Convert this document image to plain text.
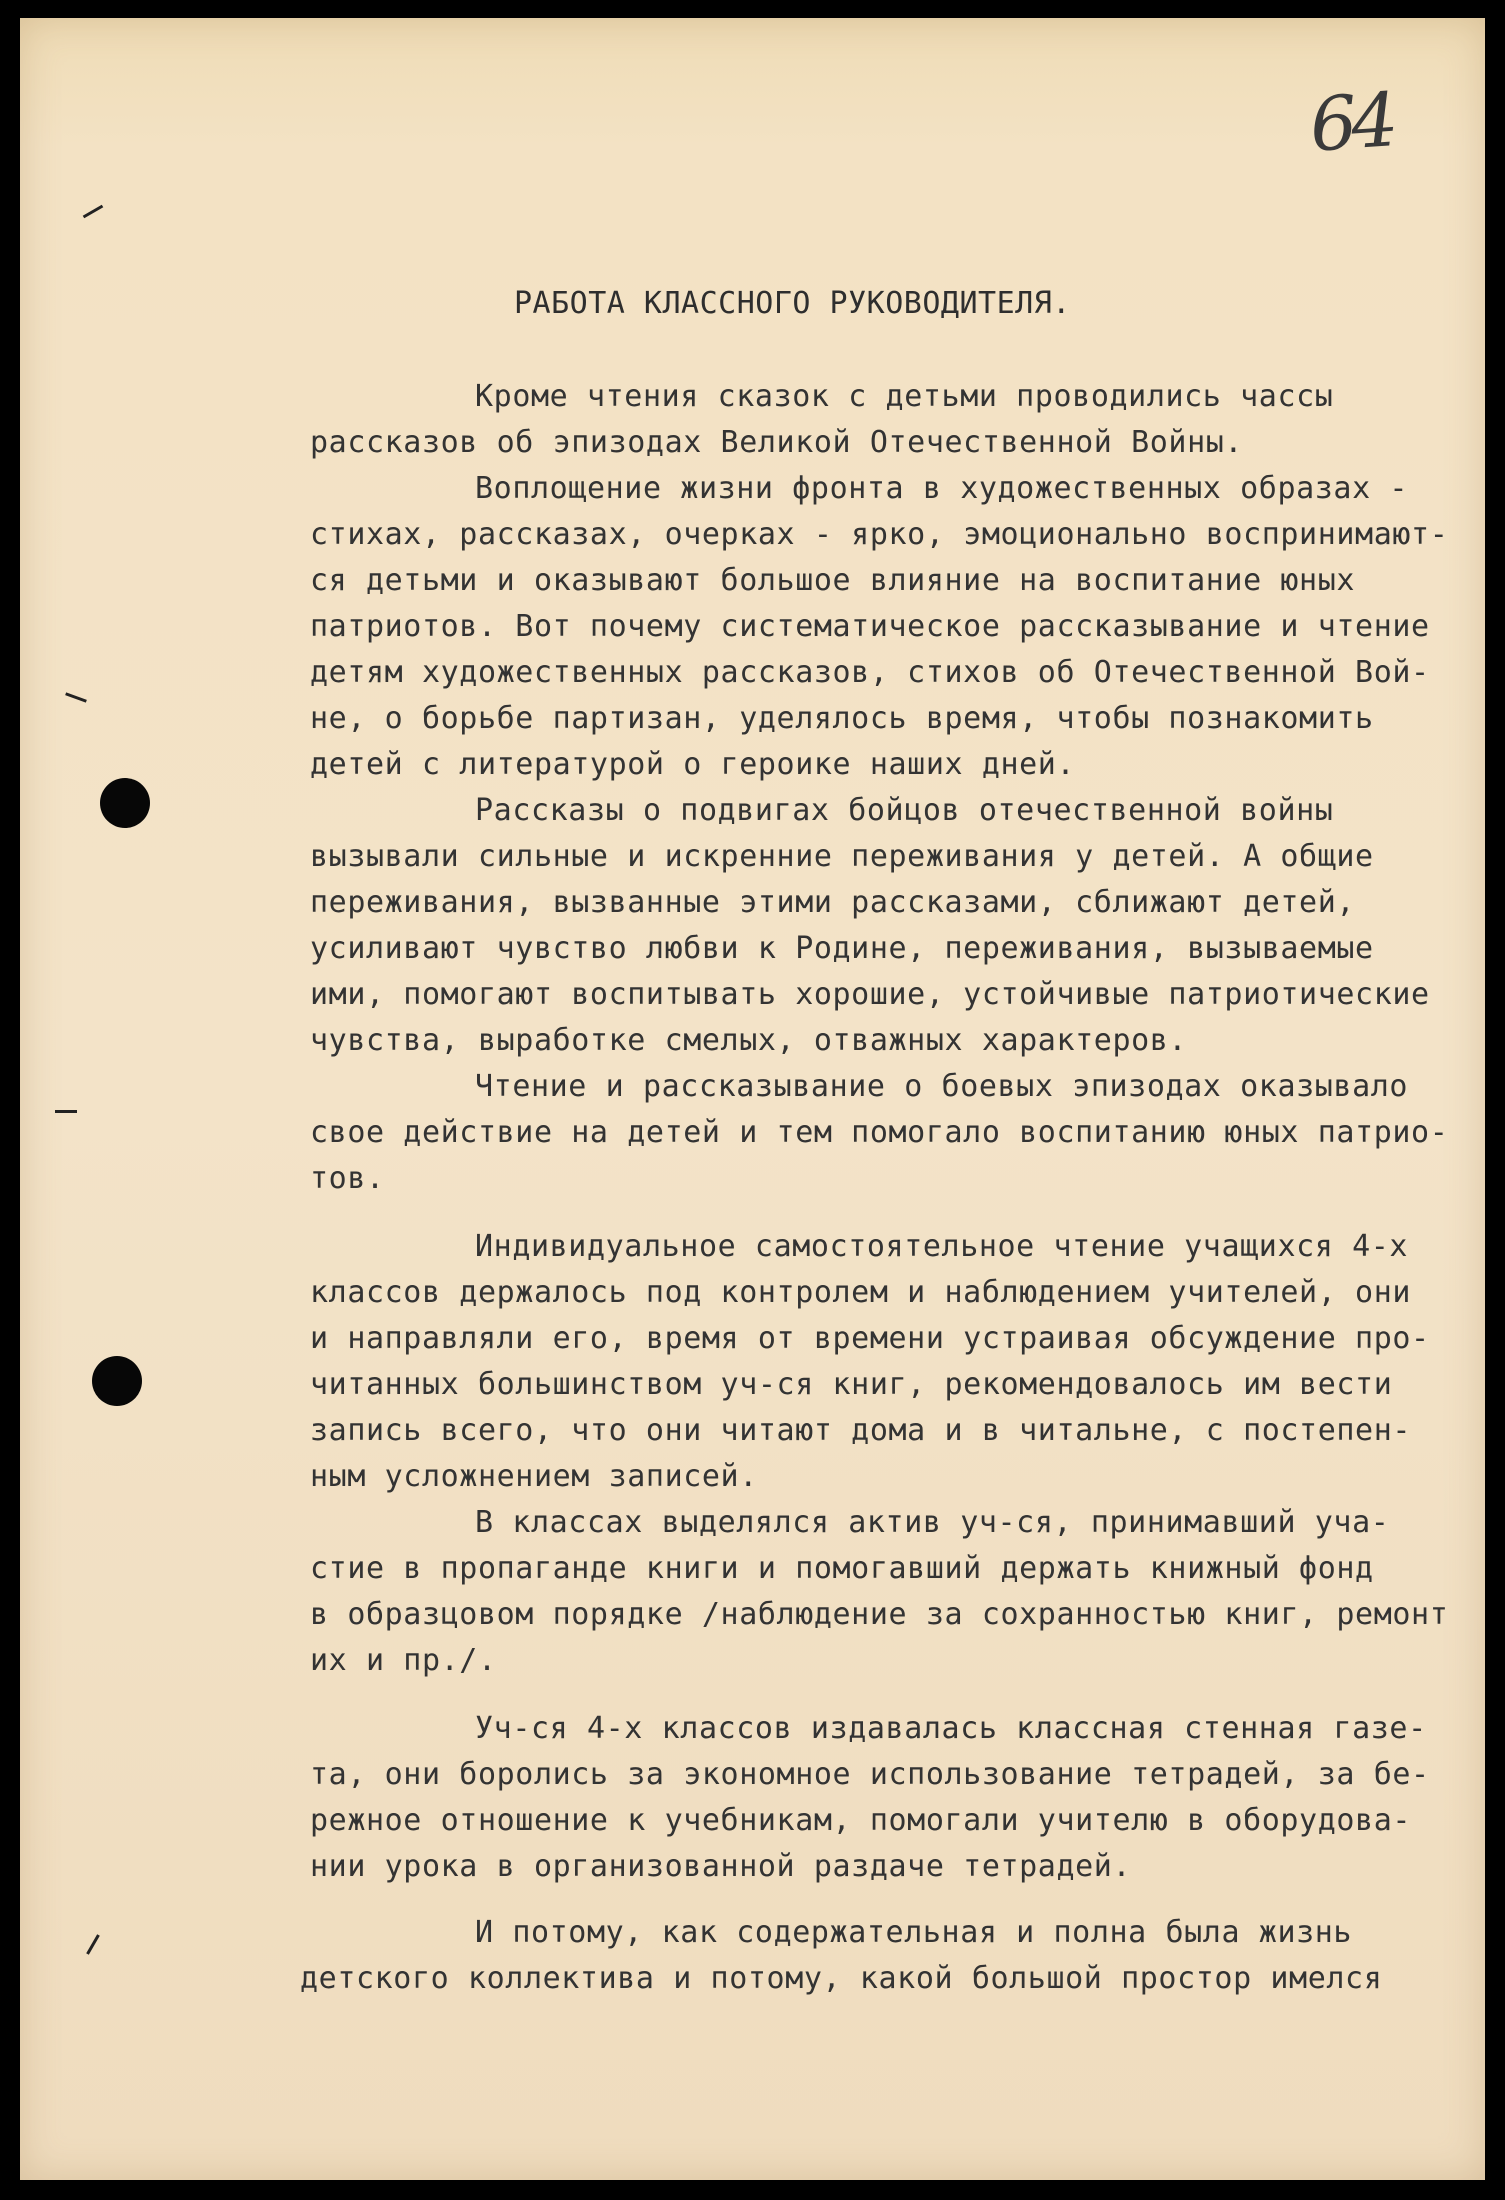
64
РАБОТА КЛАССНОГО РУКОВОДИТЕЛЯ.
Кроме чтения сказок с детьми проводились чассы
рассказов об эпизодах Великой Отечественной Войны.
Воплощение жизни фронта в художественных образах -
стихах, рассказах, очерках - ярко, эмоционально воспринимают-
ся детьми и оказывают большое влияние на воспитание юных
патриотов. Вот почему систематическое рассказывание и чтение
детям художественных рассказов, стихов об Отечественной Вой-
не, о борьбе партизан, уделялось время, чтобы познакомить
детей с литературой о героике наших дней.
Рассказы о подвигах бойцов отечественной войны
вызывали сильные и искренние переживания у детей. А общие
переживания, вызванные этими рассказами, сближают детей,
усиливают чувство любви к Родине, переживания, вызываемые
ими, помогают воспитывать хорошие, устойчивые патриотические
чувства, выработке смелых, отважных характеров.
Чтение и рассказывание о боевых эпизодах оказывало
свое действие на детей и тем помогало воспитанию юных патрио-
тов.
Индивидуальное самостоятельное чтение учащихся 4-х
классов держалось под контролем и наблюдением учителей, они
и направляли его, время от времени устраивая обсуждение про-
читанных большинством уч-ся книг, рекомендовалось им вести
запись всего, что они читают дома и в читальне, с постепен-
ным усложнением записей.
В классах выделялся актив уч-ся, принимавший уча-
стие в пропаганде книги и помогавший держать книжный фонд
в образцовом порядке /наблюдение за сохранностью книг, ремонт
их и пр./.
Уч-ся 4-х классов издавалась классная стенная газе-
та, они боролись за экономное использование тетрадей, за бе-
режное отношение к учебникам, помогали учителю в оборудова-
нии урока в организованной раздаче тетрадей.
И потому, как содержательная и полна была жизнь
детского коллектива и потому, какой большой простор имелся
